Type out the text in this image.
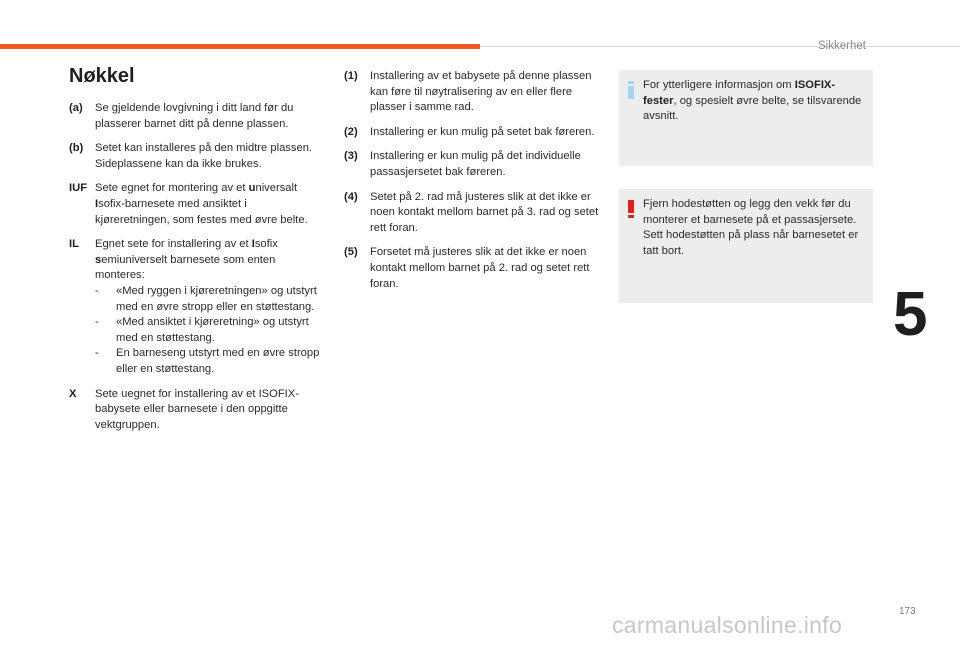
Sikkerhet
5
173
carmanualsonline.info
Nøkkel
(a)	Se gjeldende lovgivning i ditt land før du plasserer barnet ditt på denne plassen.
(b)	Setet kan installeres på den midtre plassen. Sideplassene kan da ikke brukes.
IUF Sete egnet for montering av et universalt Isofix-barnesete med ansiktet i kjøreretningen, som festes med øvre belte.
IL	Egnet sete for installering av et Isofix semiuniverselt barnesete som enten monteres:
-	«Med ryggen i kjøreretningen» og utstyrt med en øvre stropp eller en støttestang.
-	«Med ansiktet i kjøreretning» og utstyrt med en støttestang.
-	En barneseng utstyrt med en øvre stropp eller en støttestang.
X	Sete uegnet for installering av et ISOFIX-babysete eller barnesete i den oppgitte vektgruppen.
(1)	Installering av et babysete på denne plassen kan føre til nøytralisering av en eller flere plasser i samme rad.
(2)	Installering er kun mulig på setet bak føreren.
(3)	Installering er kun mulig på det individuelle passasjersetet bak føreren.
(4)	Setet på 2. rad må justeres slik at det ikke er noen kontakt mellom barnet på 3. rad og setet rett foran.
(5)	Forsetet må justeres slik at det ikke er noen kontakt mellom barnet på 2. rad og setet rett foran.
For ytterligere informasjon om ISOFIX-fester, og spesielt øvre belte, se tilsvarende avsnitt.
Fjern hodestøtten og legg den vekk før du monterer et barnesete på et passasjersete.
Sett hodestøtten på plass når barnesetet er tatt bort.
